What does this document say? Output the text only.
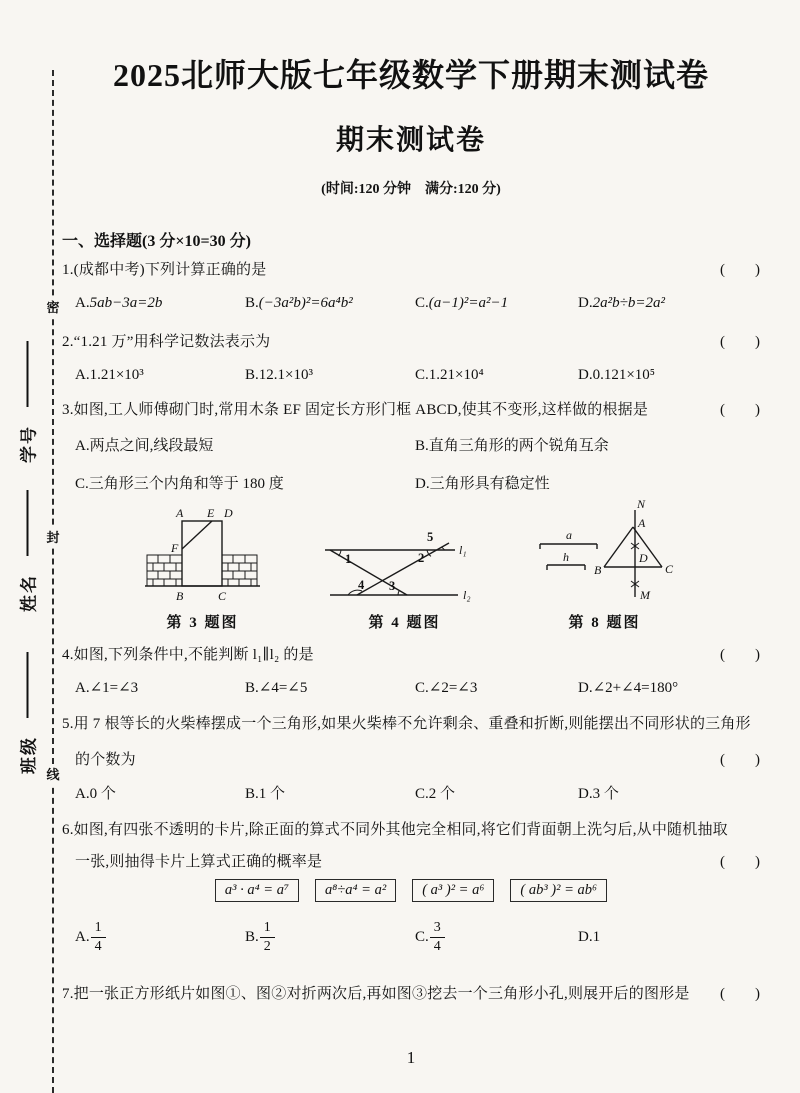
密
封
线
学号
姓名
班级
2025北师大版七年级数学下册期末测试卷
期末测试卷
(时间:120 分钟　满分:120 分)
一、选择题(3 分×10=30 分)
1.(成都中考)下列计算正确的是	(　　)
A.5ab−3a=2b	B.(−3a²b)²=6a⁴b²	C.(a−1)²=a²−1	D.2a²b÷b=2a²
2.“1.21 万”用科学记数法表示为	(　　)
A.1.21×10³	B.12.1×10³	C.1.21×10⁴	D.0.121×10⁵
3.如图,工人师傅砌门时,常用木条 EF 固定长方形门框 ABCD,使其不变形,这样做的根据是	(　　)
A.两点之间,线段最短	B.直角三角形的两个锐角互余
C.三角形三个内角和等于 180 度	D.三角形具有稳定性
A E D
F
B	C
第 3 题图
l₁
l₂
1	2
3
4
5
第 4 题图
a
h
N
A
B	C
D
M
第 8 题图
4.如图,下列条件中,不能判断 l₁∥l₂ 的是	(　　)
A.∠1=∠3	B.∠4=∠5	C.∠2=∠3	D.∠2+∠4=180°
5.用 7 根等长的火柴棒摆成一个三角形,如果火柴棒不允许剩余、重叠和折断,则能摆出不同形状的三角形
的个数为	(　　)
A.0 个	B.1 个	C.2 个	D.3 个
6.如图,有四张不透明的卡片,除正面的算式不同外其他完全相同,将它们背面朝上洗匀后,从中随机抽取
一张,则抽得卡片上算式正确的概率是	(　　)
a³ · a⁴ = a⁷	a⁸÷a⁴ = a²	( a³ )² = a⁶	( ab³ )² = ab⁶
A. $\frac{1}{4}$	B. $\frac{1}{2}$	C. $\frac{3}{4}$	D.1
7.把一张正方形纸片如图①、图②对折两次后,再如图③挖去一个三角形小孔,则展开后的图形是 (　　)
1
